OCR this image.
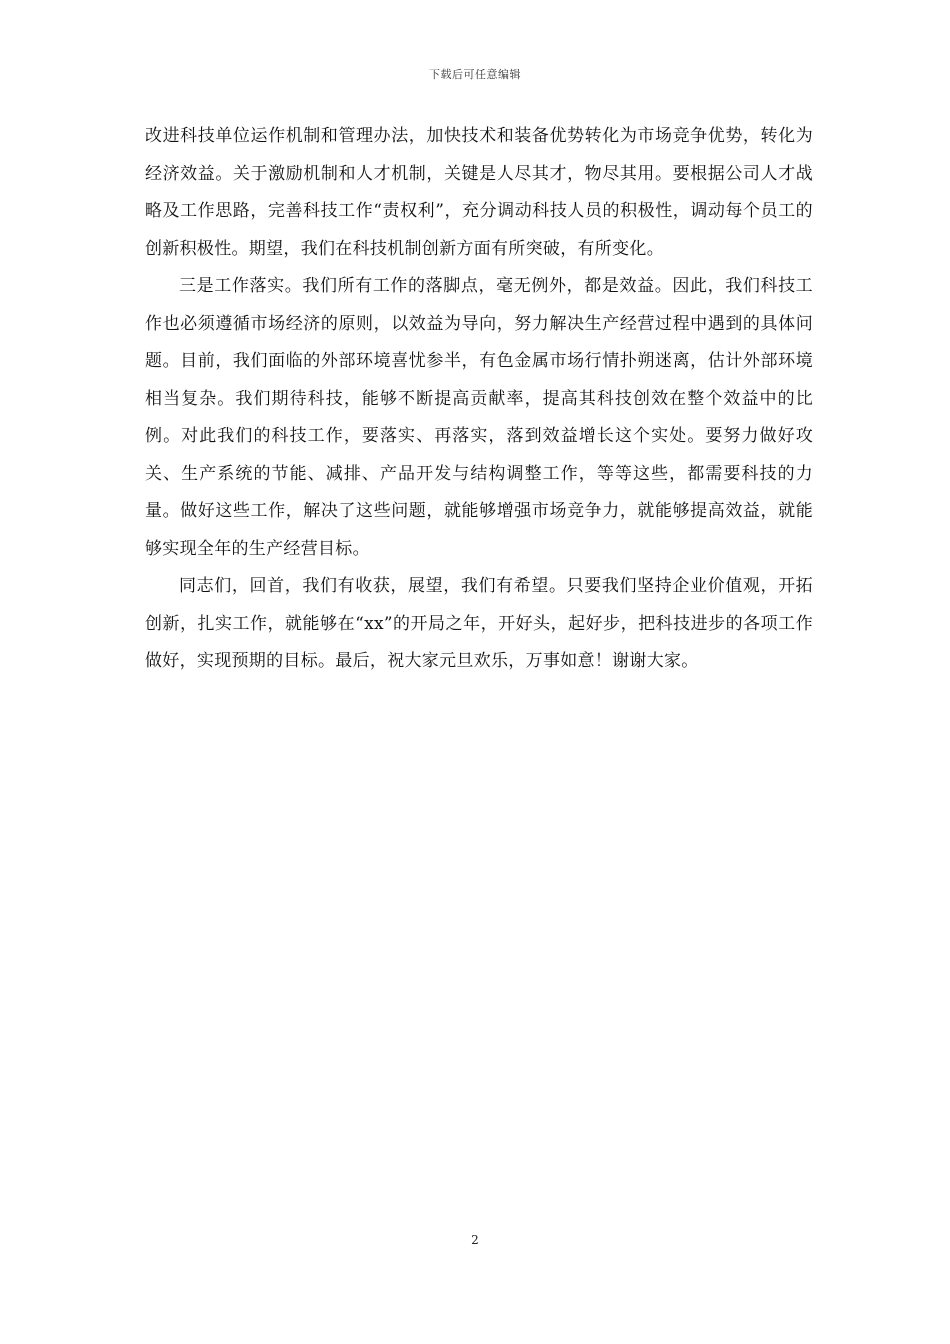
下载后可任意编辑

改进科技单位运作机制和管理办法，加快技术和装备优势转化为市场竞争优势，转化为经济效益。关于激励机制和人才机制，关键是人尽其才，物尽其用。要根据公司人才战略及工作思路，完善科技工作“责权利”，充分调动科技人员的积极性，调动每个员工的创新积极性。期望，我们在科技机制创新方面有所突破，有所变化。

三是工作落实。我们所有工作的落脚点，毫无例外，都是效益。因此，我们科技工作也必须遵循市场经济的原则，以效益为导向，努力解决生产经营过程中遇到的具体问题。目前，我们面临的外部环境喜忧参半，有色金属市场行情扑朔迷离，估计外部环境相当复杂。我们期待科技，能够不断提高贡献率，提高其科技创效在整个效益中的比例。对此我们的科技工作，要落实、再落实，落到效益增长这个实处。要努力做好攻关、生产系统的节能、减排、产品开发与结构调整工作，等等这些，都需要科技的力量。做好这些工作，解决了这些问题，就能够增强市场竞争力，就能够提高效益，就能够实现全年的生产经营目标。

同志们，回首，我们有收获，展望，我们有希望。只要我们坚持企业价值观，开拓创新，扎实工作，就能够在“xx”的开局之年，开好头，起好步，把科技进步的各项工作做好，实现预期的目标。最后，祝大家元旦欢乐，万事如意！谢谢大家。

2
